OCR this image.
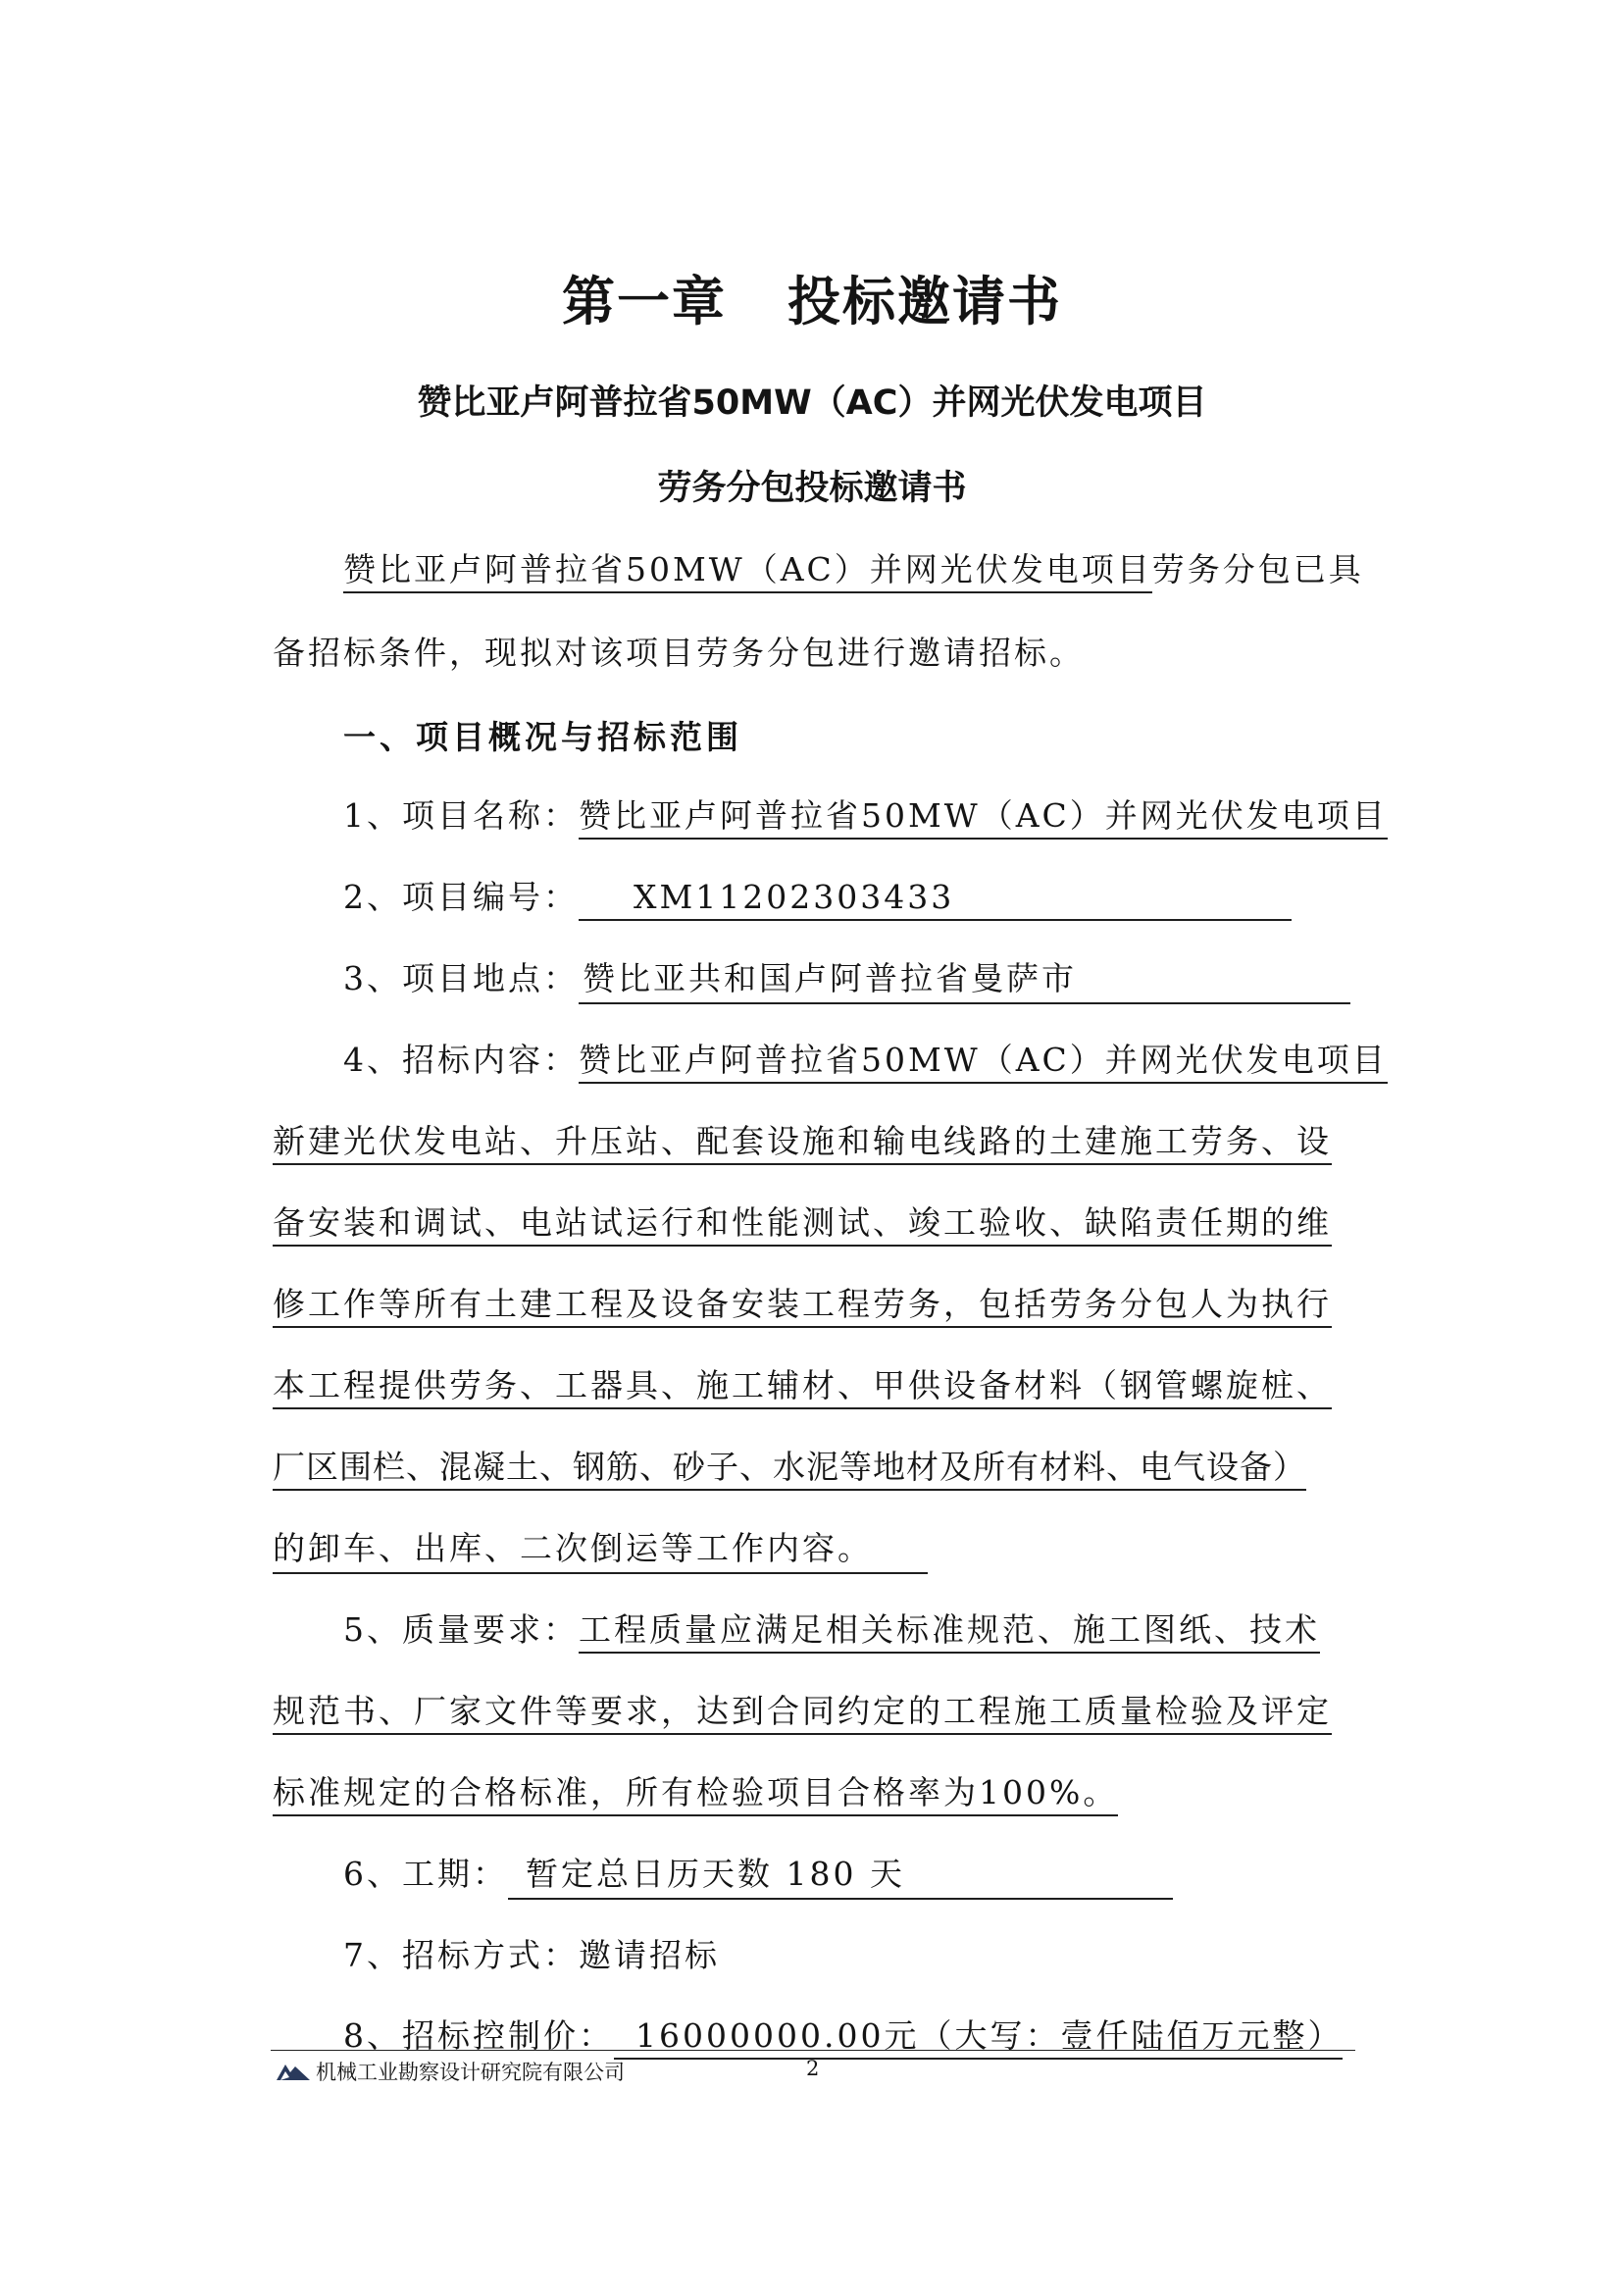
第一章 投标邀请书
赞比亚卢阿普拉省50MW（AC）并网光伏发电项目
劳务分包投标邀请书
赞比亚卢阿普拉省50MW（AC）并网光伏发电项目劳务分包已具
备招标条件，现拟对该项目劳务分包进行邀请招标。
一、项目概况与招标范围
1、项目名称：赞比亚卢阿普拉省50MW（AC）并网光伏发电项目
2、项目编号： XM11202303433
3、项目地点： 赞比亚共和国卢阿普拉省曼萨市
4、招标内容：赞比亚卢阿普拉省50MW（AC）并网光伏发电项目
新建光伏发电站、升压站、配套设施和输电线路的土建施工劳务、设
备安装和调试、电站试运行和性能测试、竣工验收、缺陷责任期的维
修工作等所有土建工程及设备安装工程劳务，包括劳务分包人为执行
本工程提供劳务、工器具、施工辅材、甲供设备材料（钢管螺旋桩、
厂区围栏、混凝土、钢筋、砂子、水泥等地材及所有材料、电气设备）
的卸车、出库、二次倒运等工作内容。
5、质量要求：工程质量应满足相关标准规范、施工图纸、技术
规范书、厂家文件等要求，达到合同约定的工程施工质量检验及评定
标准规定的合格标准，所有检验项目合格率为100%。
6、工期： 暂定总日历天数 180 天
7、招标方式：邀请招标
8、招标控制价： 16000000.00元（大写：壹仟陆佰万元整）
机械工业勘察设计研究院有限公司	2
